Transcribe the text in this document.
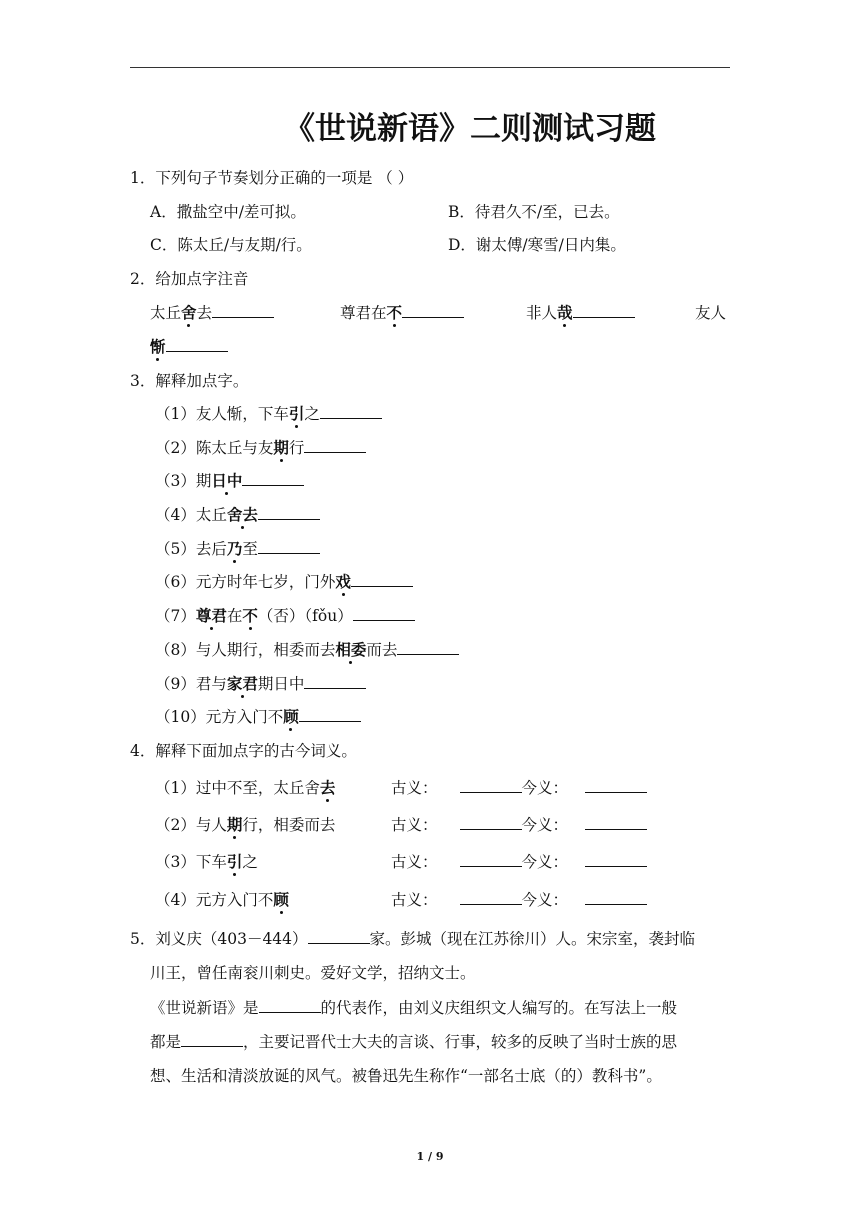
《世说新语》二则测试习题
1．下列句子节奏划分正确的一项是 （ ）
A．撒盐空中/差可拟。	B．待君久不/至，已去。
C．陈太丘/与友期/行。	D．谢太傅/寒雪/日内集。
2．给加点字注音
太丘舍去	尊君在不	非人哉	友人
惭
3．解释加点字。
（1）友人惭，下车引之
（2）陈太丘与友期行
（3）期日中
（4）太丘舍去
（5）去后乃至
（6）元方时年七岁，门外戏
（7）尊君在不（否）（fǒu）
（8）与人期行，相委而去相委而去
（9）君与家君期日中
（10）元方入门不顾
4．解释下面加点字的古今词义。
（1）过中不至，太丘舍去	古义：	今义：
（2）与人期行，相委而去	古义：	今义：
（3）下车引之	古义：	今义：
（4）元方入门不顾	古义：	今义：
5．刘义庆（403－444）	家。彭城（现在江苏徐川）人。宋宗室，袭封临
川王，曾任南衮川刺史。爱好文学，招纳文士。
《世说新语》是	的代表作，由刘义庆组织文人编写的。在写法上一般
都是	，主要记晋代士大夫的言谈、行事，较多的反映了当时士族的思
想、生活和清淡放诞的风气。被鲁迅先生称作“一部名士底（的）教科书”。
1 / 9
